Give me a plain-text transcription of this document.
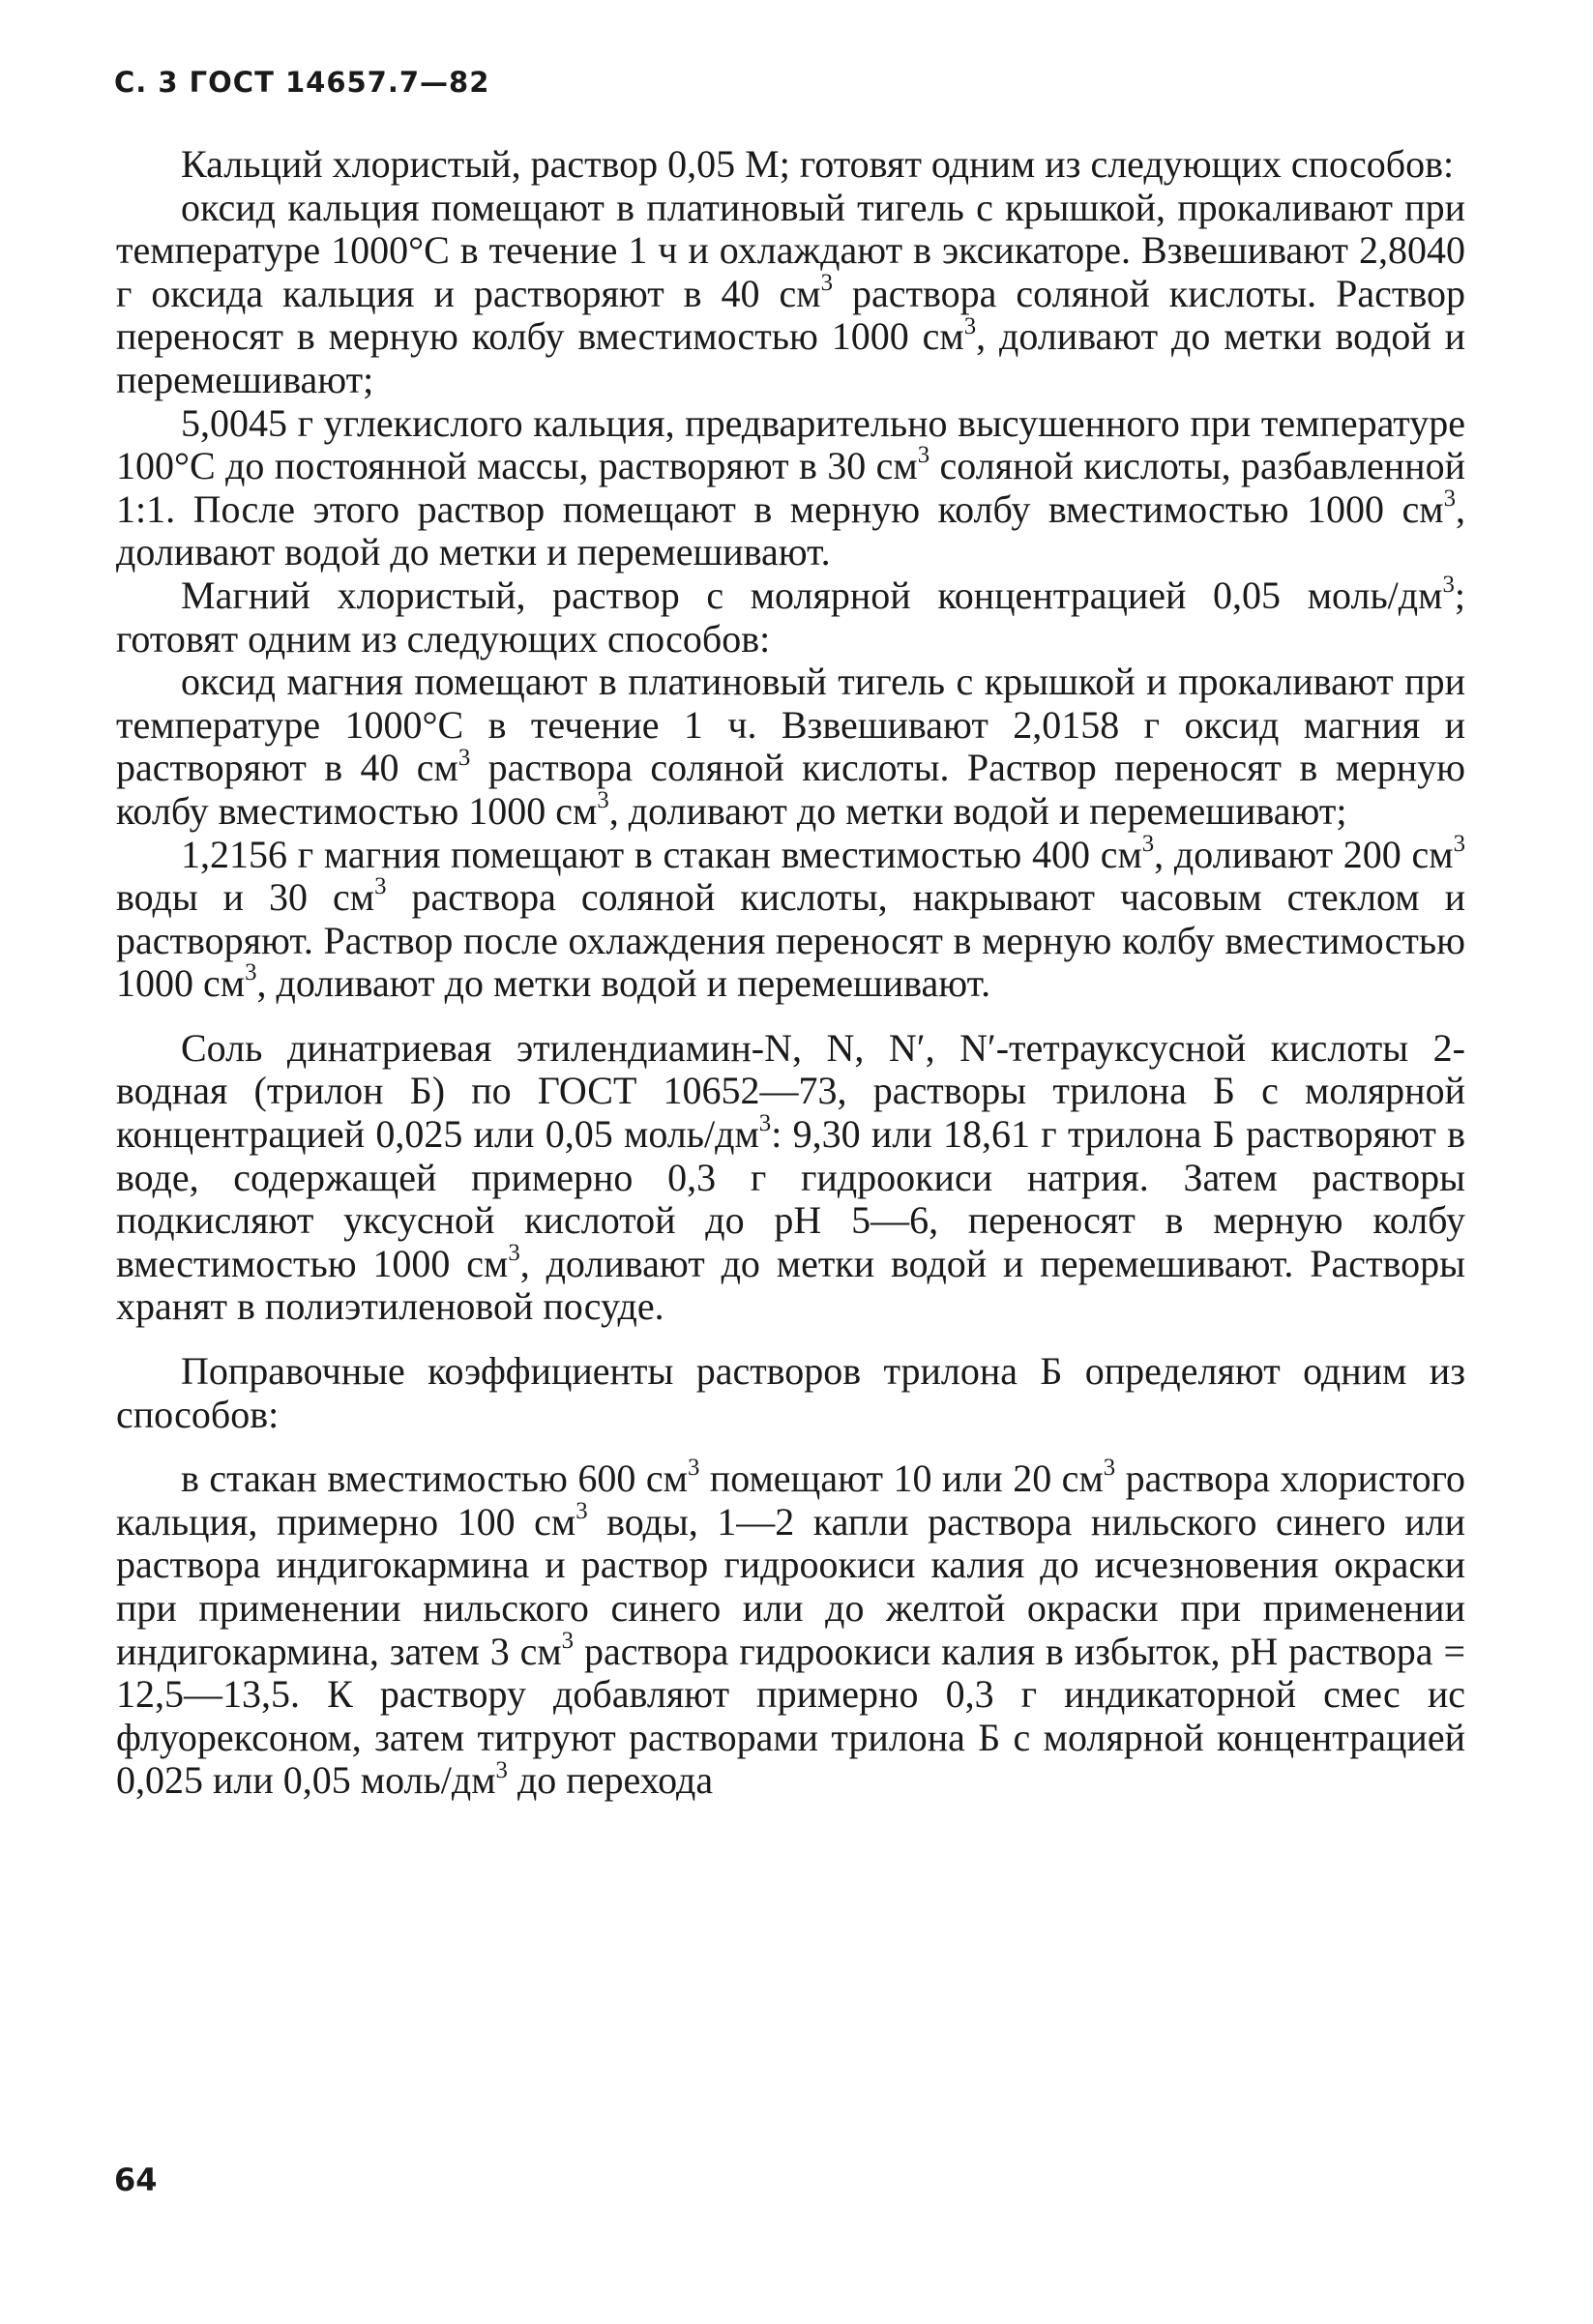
С. 3 ГОСТ 14657.7—82

Кальций хлористый, раствор 0,05 М; готовят одним из следующих способов:

оксид кальция помещают в платиновый тигель с крышкой, прокаливают при температуре 1000°С в течение 1 ч и охлаждают в эксикаторе. Взвешивают 2,8040 г оксида кальция и растворяют в 40 $см^3$ раствора соляной кислоты. Раствор переносят в мерную колбу вместимостью 1000 $см^3$, доливают до метки водой и перемешивают;

5,0045 г углекислого кальция, предварительно высушенного при температуре 100°С до постоянной массы, растворяют в 30 $см^3$ соляной кислоты, разбавленной 1:1. После этого раствор помещают в мерную колбу вместимостью 1000 $см^3$, доливают водой до метки и перемешивают.

Магний хлористый, раствор с молярной концентрацией 0,05 моль/$дм^3$; готовят одним из следующих способов:

оксид магния помещают в платиновый тигель с крышкой и прокаливают при температуре 1000°С в течение 1 ч. Взвешивают 2,0158 г оксид магния и растворяют в 40 $см^3$ раствора соляной кислоты. Раствор переносят в мерную колбу вместимостью 1000 $см^3$, доливают до метки водой и перемешивают;

1,2156 г магния помещают в стакан вместимостью 400 $см^3$, доливают 200 $см^3$ воды и 30 $см^3$ раствора соляной кислоты, накрывают часовым стеклом и растворяют. Раствор после охлаждения переносят в мерную колбу вместимостью 1000 $см^3$, доливают до метки водой и перемешивают.

Соль динатриевая этилендиамин-N, N, N′, N′-тетрауксусной кислоты 2-водная (трилон Б) по ГОСТ 10652—73, растворы трилона Б с молярной концентрацией 0,025 или 0,05 моль/$дм^3$: 9,30 или 18,61 г трилона Б растворяют в воде, содержащей примерно 0,3 г гидроокиси натрия. Затем растворы подкисляют уксусной кислотой до pH 5—6, переносят в мерную колбу вместимостью 1000 $см^3$, доливают до метки водой и перемешивают. Растворы хранят в полиэтиленовой посуде.

Поправочные коэффициенты растворов трилона Б определяют одним из способов:

в стакан вместимостью 600 $см^3$ помещают 10 или 20 $см^3$ раствора хлористого кальция, примерно 100 $см^3$ воды, 1—2 капли раствора нильского синего или раствора индигокармина и раствор гидроокиси калия до исчезновения окраски при применении нильского синего или до желтой окраски при применении индигокармина, затем 3 $см^3$ раствора гидроокиси калия в избыток, pH раствора = 12,5—13,5. К раствору добавляют примерно 0,3 г индикаторной смес ис флуорексоном, затем титруют растворами трилона Б с молярной концентрацией 0,025 или 0,05 моль/$дм^3$ до перехода

64
